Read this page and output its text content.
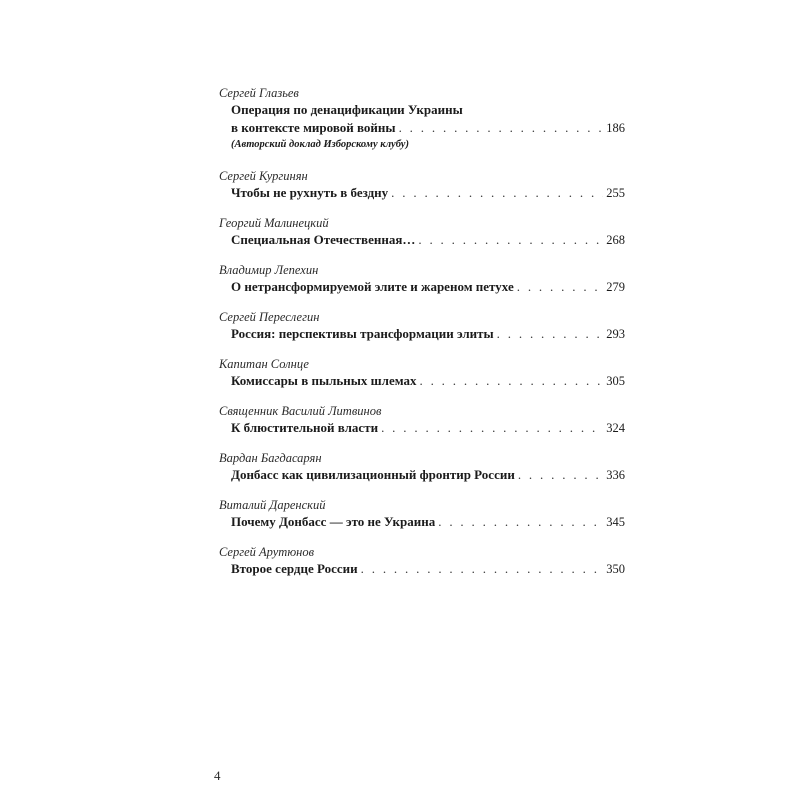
Сергей Глазьев
Операция по денацификации Украины
в контексте мировой войны . . .	186
(Авторский доклад Изборскому клубу)
Сергей Кургинян
Чтобы не рухнуть в бездну . . .	255
Георгий Малинецкий
Специальная Отечественная… . . .	268
Владимир Лепехин
О нетрансформируемой элите и жареном петухе . . .	279
Сергей Переслегин
Россия: перспективы трансформации элиты . . .	293
Капитан Солнце
Комиссары в пыльных шлемах . . .	305
Священник Василий Литвинов
К блюстительной власти . . .	324
Вардан Багдасарян
Донбасс как цивилизационный фронтир России . . .	336
Виталий Даренский
Почему Донбасс — это не Украина . . .	345
Сергей Арутюнов
Второе сердце России . . .	350
4
